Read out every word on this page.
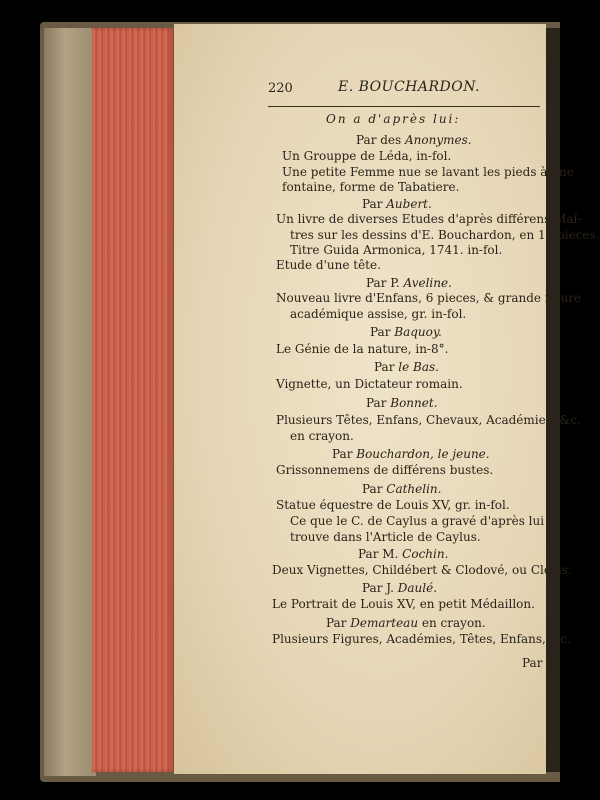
220	E. BOUCHARDON.
On a d'après lui:
Par des Anonymes.
Un Grouppe de Léda, in-fol.
Une petite Femme nue se lavant les pieds à une
fontaine, forme de Tabatiere.
Par Aubert.
Un livre de diverses Etudes d'après différens Maî-
tres sur les dessins d'E. Bouchardon, en 12 pieces.
Titre Guida Armonica, 1741. in-fol.
Etude d'une tête.
Par P. Aveline.
Nouveau livre d'Enfans, 6 pieces, & grande figure
académique assise, gr. in-fol.
Par Baquoy.
Le Génie de la nature, in-8°.
Par le Bas.
Vignette, un Dictateur romain.
Par Bonnet.
Plusieurs Têtes, Enfans, Chevaux, Académies, &c.
en crayon.
Par Bouchardon, le jeune.
Grissonnemens de différens bustes.
Par Cathelin.
Statue équestre de Louis XV, gr. in-fol.
Ce que le C. de Caylus a gravé d'après lui se
trouve dans l'Article de Caylus.
Par M. Cochin.
Deux Vignettes, Childébert & Clodové, ou Clovis.
Par J. Daulé.
Le Portrait de Louis XV, en petit Médaillon.
Par Demarteau en crayon.
Plusieurs Figures, Académies, Têtes, Enfans, &c.
Par
